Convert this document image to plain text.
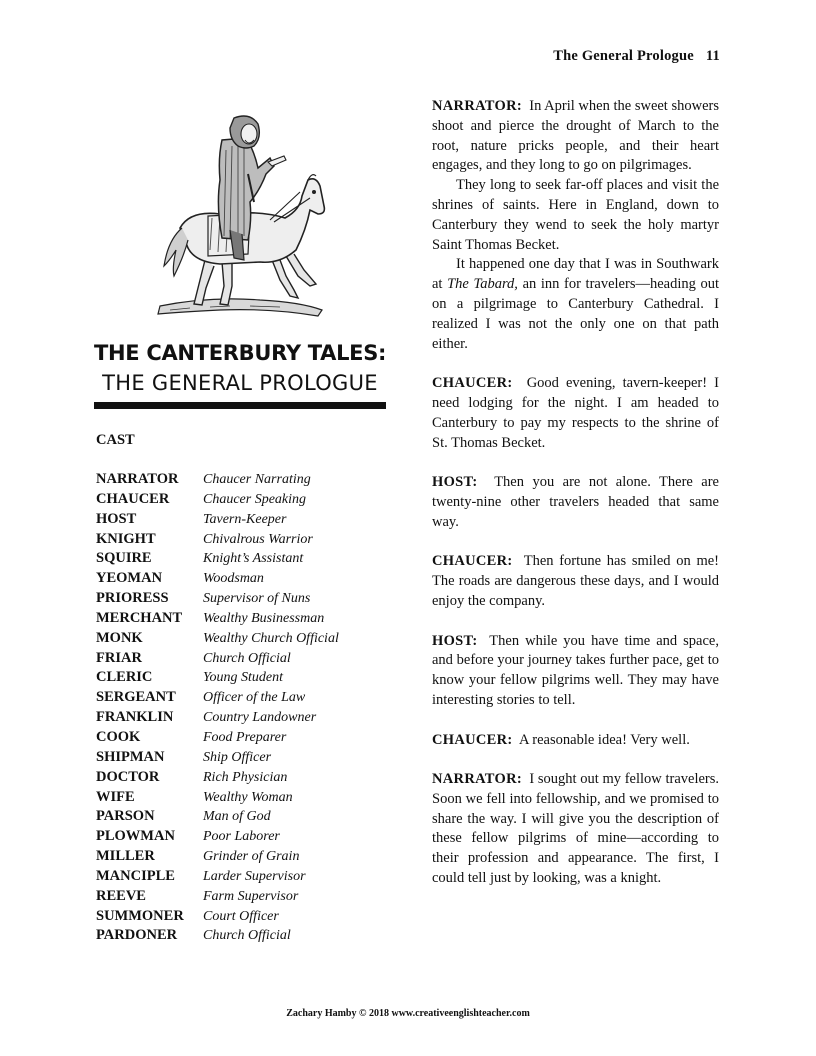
The General Prologue 11
THE CANTERBURY TALES:
THE GENERAL PROLOGUE
CAST
NARRATOR Chaucer Narrating
CHAUCER Chaucer Speaking
HOST	Tavern-Keeper
KNIGHT	Chivalrous Warrior
SQUIRE	Knight’s Assistant
YEOMAN	Woodsman
PRIORESS Supervisor of Nuns
MERCHANT Wealthy Businessman
MONK	Wealthy Church Official
FRIAR	Church Official
CLERIC	Young Student
SERGEANT Officer of the Law
FRANKLIN Country Landowner
COOK	Food Preparer
SHIPMAN	Ship Officer
DOCTOR	Rich Physician
WIFE	Wealthy Woman
PARSON	Man of God
PLOWMAN Poor Laborer
MILLER	Grinder of Grain
MANCIPLE Larder Supervisor
REEVE	Farm Supervisor
SUMMONER Court Officer
PARDONER Church Official

NARRATOR: In April when the sweet showers shoot and pierce the drought of March to the root, nature pricks people, and their heart engages, and they long to go on pilgrimages.

They long to seek far-off places and visit the shrines of saints. Here in England, down to Canterbury they wend to seek the holy martyr Saint Thomas Becket.

It happened one day that I was in Southwark at The Tabard, an inn for travelers—heading out on a pilgrimage to Canterbury Cathedral. I realized I was not the only one on that path either.

CHAUCER: Good evening, tavern-keeper! I need lodging for the night. I am headed to Canterbury to pay my respects to the shrine of St. Thomas Becket.

HOST: Then you are not alone. There are twenty-nine other travelers headed that same way.

CHAUCER: Then fortune has smiled on me! The roads are dangerous these days, and I would enjoy the company.

HOST: Then while you have time and space, and before your journey takes further pace, get to know your fellow pilgrims well. They may have interesting stories to tell.

CHAUCER: A reasonable idea! Very well.

NARRATOR: I sought out my fellow travelers. Soon we fell into fellowship, and we promised to share the way. I will give you the description of these fellow pilgrims of mine—according to their profession and appearance. The first, I could tell just by looking, was a knight.

Zachary Hamby © 2018 www.creativeenglishteacher.com
